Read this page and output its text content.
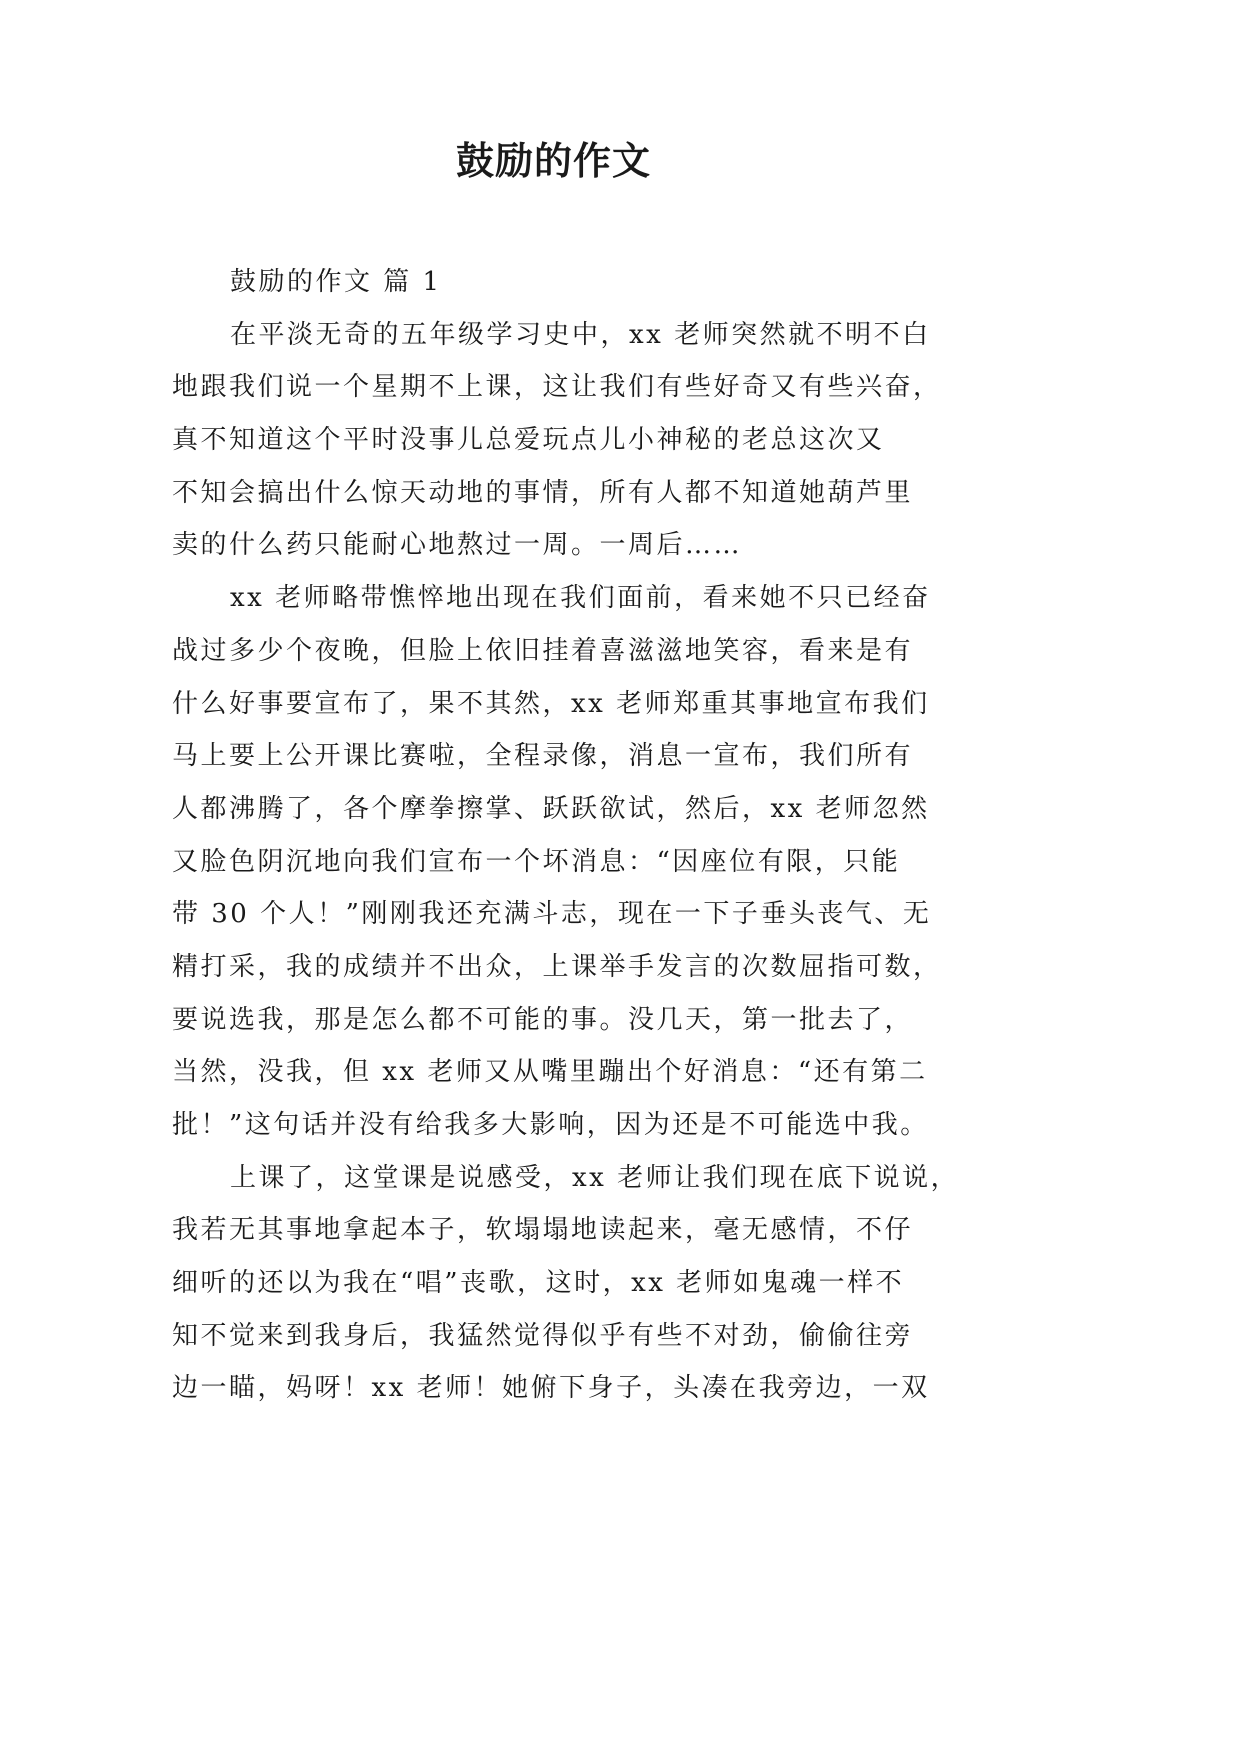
鼓励的作文
鼓励的作文 篇 1
在平淡无奇的五年级学习史中，xx 老师突然就不明不白
地跟我们说一个星期不上课，这让我们有些好奇又有些兴奋，
真不知道这个平时没事儿总爱玩点儿小神秘的老总这次又
不知会搞出什么惊天动地的事情，所有人都不知道她葫芦里
卖的什么药只能耐心地熬过一周。一周后……
xx 老师略带憔悴地出现在我们面前，看来她不只已经奋
战过多少个夜晚，但脸上依旧挂着喜滋滋地笑容，看来是有
什么好事要宣布了，果不其然，xx 老师郑重其事地宣布我们
马上要上公开课比赛啦，全程录像，消息一宣布，我们所有
人都沸腾了，各个摩拳擦掌、跃跃欲试，然后，xx 老师忽然
又脸色阴沉地向我们宣布一个坏消息：“因座位有限，只能
带 30 个人！”刚刚我还充满斗志，现在一下子垂头丧气、无
精打采，我的成绩并不出众，上课举手发言的次数屈指可数，
要说选我，那是怎么都不可能的事。没几天，第一批去了，
当然，没我，但 xx 老师又从嘴里蹦出个好消息：“还有第二
批！”这句话并没有给我多大影响，因为还是不可能选中我。
上课了，这堂课是说感受，xx 老师让我们现在底下说说，
我若无其事地拿起本子，软塌塌地读起来，毫无感情，不仔
细听的还以为我在“唱”丧歌，这时，xx 老师如鬼魂一样不
知不觉来到我身后，我猛然觉得似乎有些不对劲，偷偷往旁
边一瞄，妈呀！xx 老师！她俯下身子，头凑在我旁边，一双
